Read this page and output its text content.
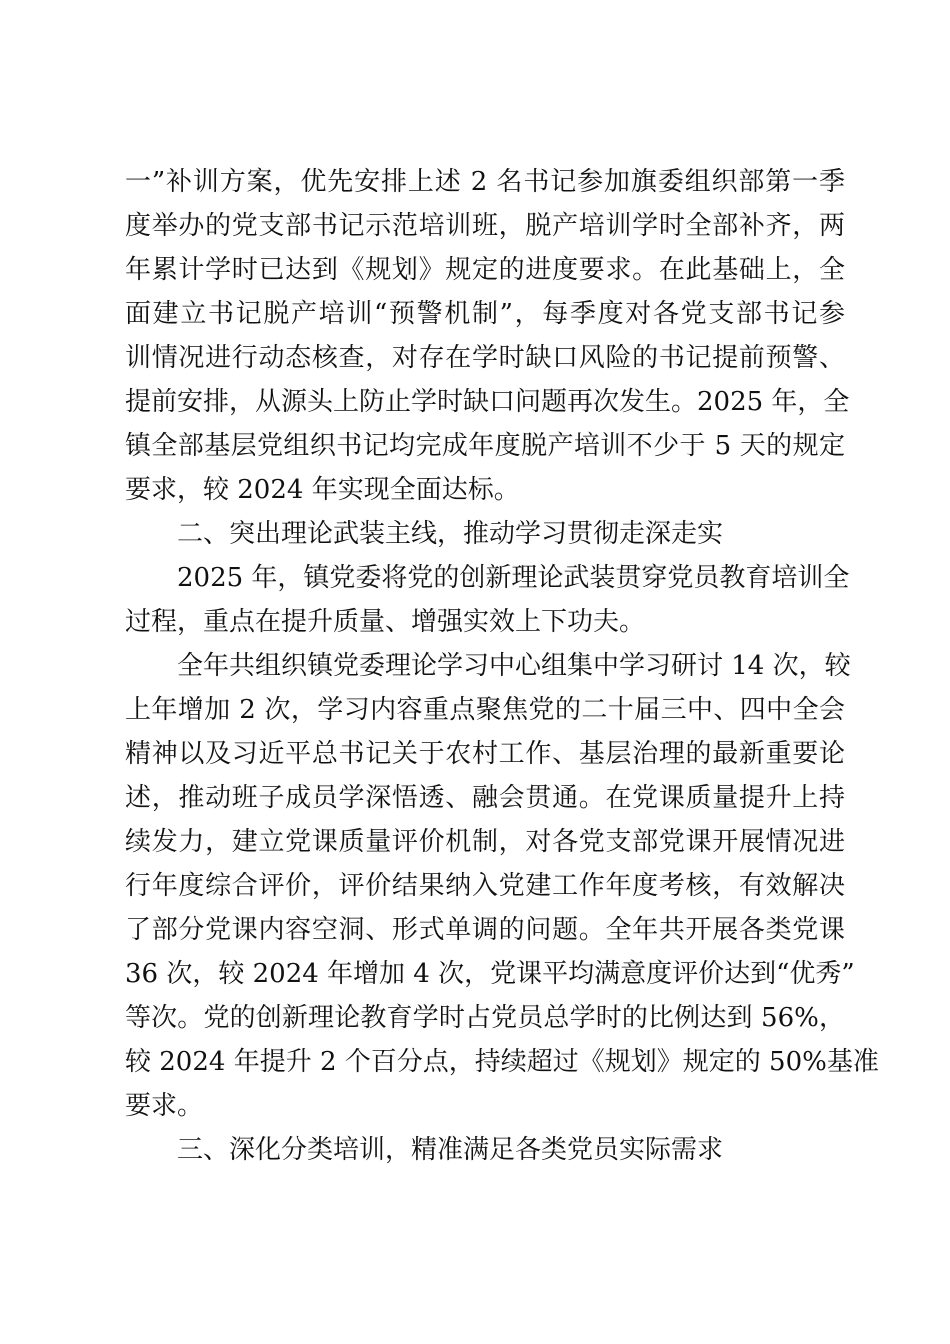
一”补训方案，优先安排上述 2 名书记参加旗委组织部第一季
度举办的党支部书记示范培训班，脱产培训学时全部补齐，两
年累计学时已达到《规划》规定的进度要求。在此基础上，全
面建立书记脱产培训“预警机制”，每季度对各党支部书记参
训情况进行动态核查，对存在学时缺口风险的书记提前预警、
提前安排，从源头上防止学时缺口问题再次发生。2025 年，全
镇全部基层党组织书记均完成年度脱产培训不少于 5 天的规定
要求，较 2024 年实现全面达标。
二、突出理论武装主线，推动学习贯彻走深走实
2025 年，镇党委将党的创新理论武装贯穿党员教育培训全
过程，重点在提升质量、增强实效上下功夫。
全年共组织镇党委理论学习中心组集中学习研讨 14 次，较
上年增加 2 次，学习内容重点聚焦党的二十届三中、四中全会
精神以及习近平总书记关于农村工作、基层治理的最新重要论
述，推动班子成员学深悟透、融会贯通。在党课质量提升上持
续发力，建立党课质量评价机制，对各党支部党课开展情况进
行年度综合评价，评价结果纳入党建工作年度考核，有效解决
了部分党课内容空洞、形式单调的问题。全年共开展各类党课
36 次，较 2024 年增加 4 次，党课平均满意度评价达到“优秀”
等次。党的创新理论教育学时占党员总学时的比例达到 56%，
较 2024 年提升 2 个百分点，持续超过《规划》规定的 50%基准
要求。
三、深化分类培训，精准满足各类党员实际需求
